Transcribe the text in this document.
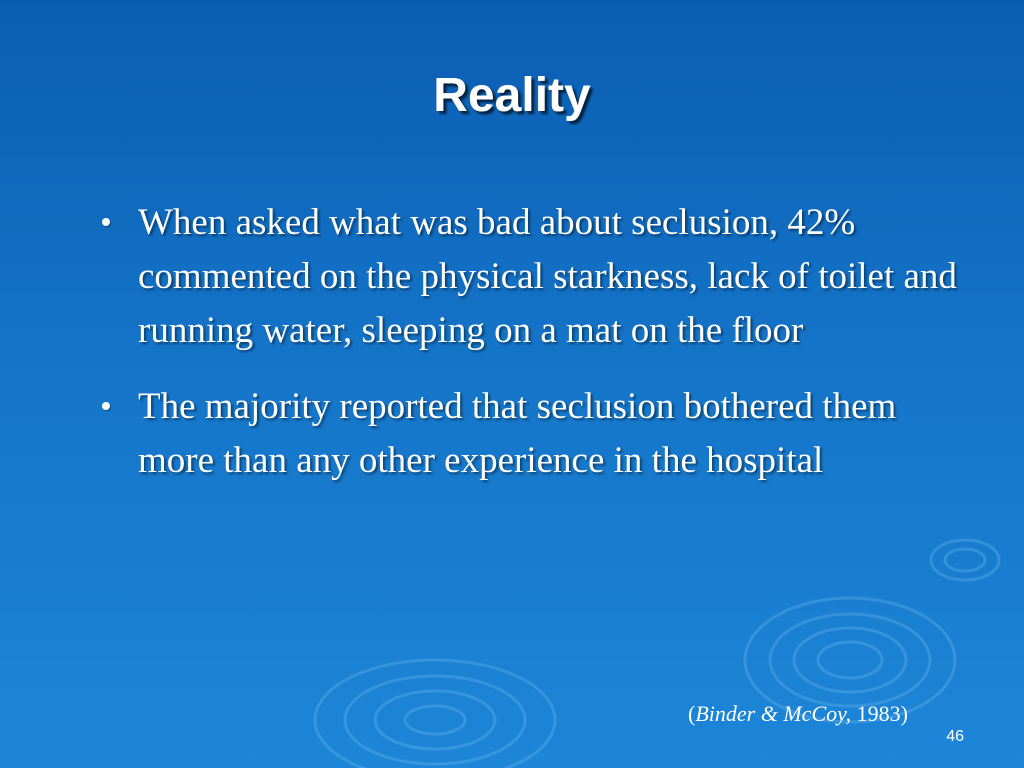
Reality
When asked what was bad about seclusion, 42% commented on the physical starkness, lack of toilet and running water, sleeping on a mat on the floor
The majority reported that seclusion bothered them more than any other experience in the hospital
(Binder & McCoy, 1983)
46
